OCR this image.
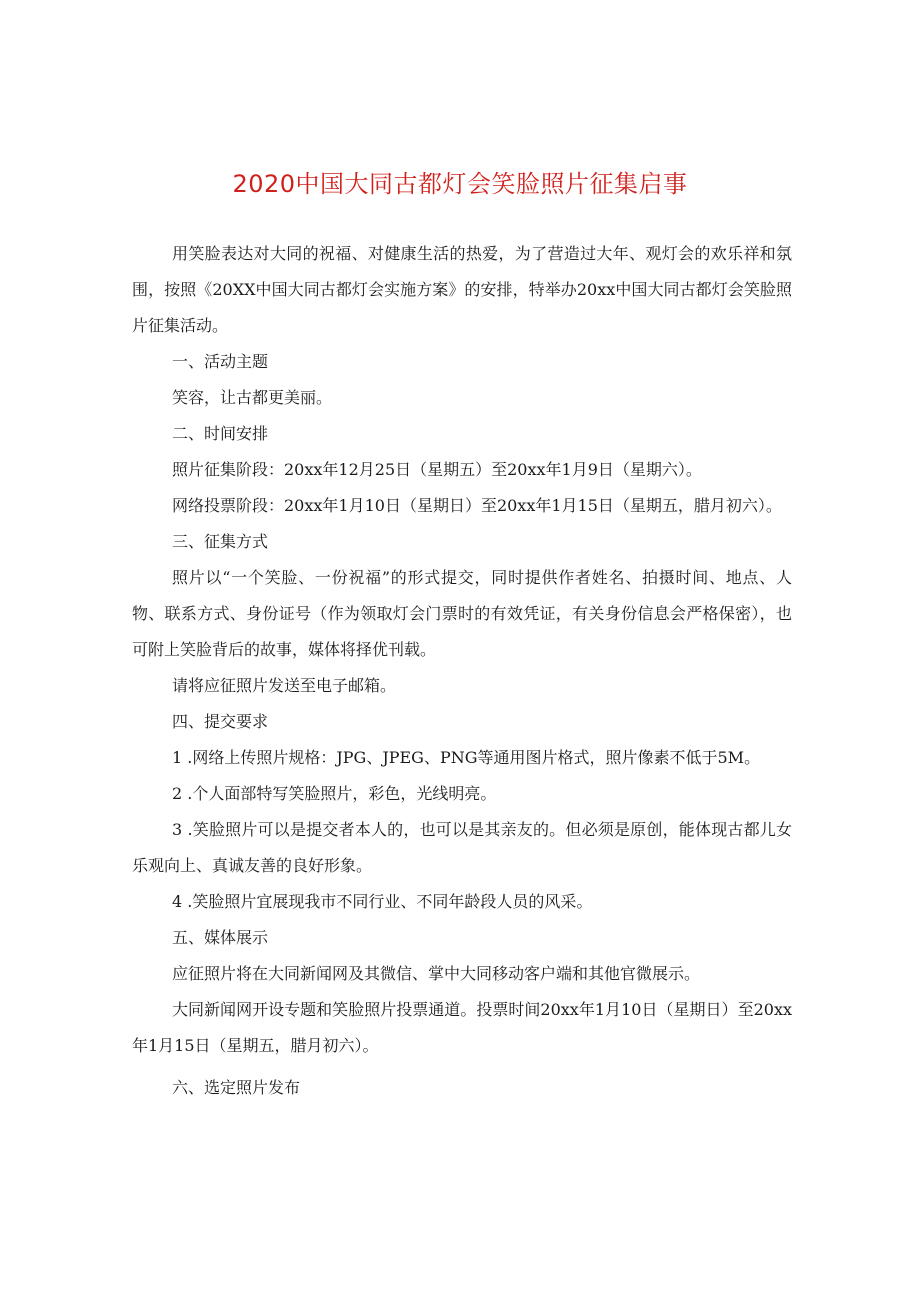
2020中国大同古都灯会笑脸照片征集启事

用笑脸表达对大同的祝福、对健康生活的热爱，为了营造过大年、观灯会的欢乐祥和氛围，按照《20XX中国大同古都灯会实施方案》的安排，特举办20xx中国大同古都灯会笑脸照片征集活动。

一、活动主题

笑容，让古都更美丽。

二、时间安排

照片征集阶段：20xx年12月25日（星期五）至20xx年1月9日（星期六）。

网络投票阶段：20xx年1月10日（星期日）至20xx年1月15日（星期五，腊月初六）。

三、征集方式

照片以“一个笑脸、一份祝福”的形式提交，同时提供作者姓名、拍摄时间、地点、人物、联系方式、身份证号（作为领取灯会门票时的有效凭证，有关身份信息会严格保密），也可附上笑脸背后的故事，媒体将择优刊载。

请将应征照片发送至电子邮箱。

四、提交要求

1 .网络上传照片规格：JPG、JPEG、PNG等通用图片格式，照片像素不低于5M。

2 .个人面部特写笑脸照片，彩色，光线明亮。

3 .笑脸照片可以是提交者本人的，也可以是其亲友的。但必须是原创，能体现古都儿女乐观向上、真诚友善的良好形象。

4 .笑脸照片宜展现我市不同行业、不同年龄段人员的风采。

五、媒体展示

应征照片将在大同新闻网及其微信、掌中大同移动客户端和其他官微展示。

大同新闻网开设专题和笑脸照片投票通道。投票时间20xx年1月10日（星期日）至20xx年1月15日（星期五，腊月初六）。

六、选定照片发布
